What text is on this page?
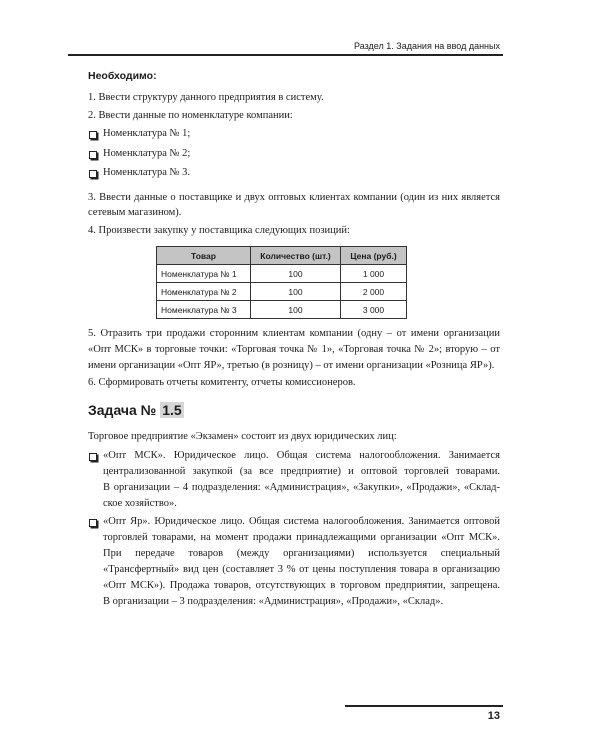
Раздел 1. Задания на ввод данных
Необходимо:
1. Ввести структуру данного предприятия в систему.
2. Ввести данные по номенклатуре компании:
Номенклатура № 1;
Номенклатура № 2;
Номенклатура № 3.
3. Ввести данные о поставщике и двух оптовых клиентах компании (один из них является
сетевым магазином).
4. Произвести закупку у поставщика следующих позиций:
Товар	Количество (шт.)	Цена (руб.)
Номенклатура № 1	100	1 000
Номенклатура № 2	100	2 000
Номенклатура № 3	100	3 000
5. Отразить три продажи сторонним клиентам компании (одну – от имени организации
«Опт МСК» в торговые точки: «Торговая точка № 1», «Торговая точка № 2»; вторую – от
имени организации «Опт ЯР», третью (в розницу) – от имени организации «Розница ЯР»).
6. Сформировать отчеты комитенту, отчеты комиссионеров.
Задача № 1.5
Торговое предприятие «Экзамен» состоит из двух юридических лиц:
«Опт МСК». Юридическое лицо. Общая система налогообложения. Занимается
централизованной закупкой (за все предприятие) и оптовой торговлей товарами.
В организации – 4 подразделения: «Администрация», «Закупки», «Продажи», «Склад-
ское хозяйство».
«Опт Яр». Юридическое лицо. Общая система налогообложения. Занимается оптовой
торговлей товарами, на момент продажи принадлежащими организации «Опт МСК».
При передаче товаров (между организациями) используется специальный
«Трансфертный» вид цен (составляет 3 % от цены поступления товара в организацию
«Опт МСК»). Продажа товаров, отсутствующих в торговом предприятии, запрещена.
В организации – 3 подразделения: «Администрация», «Продажи», «Склад».
13
